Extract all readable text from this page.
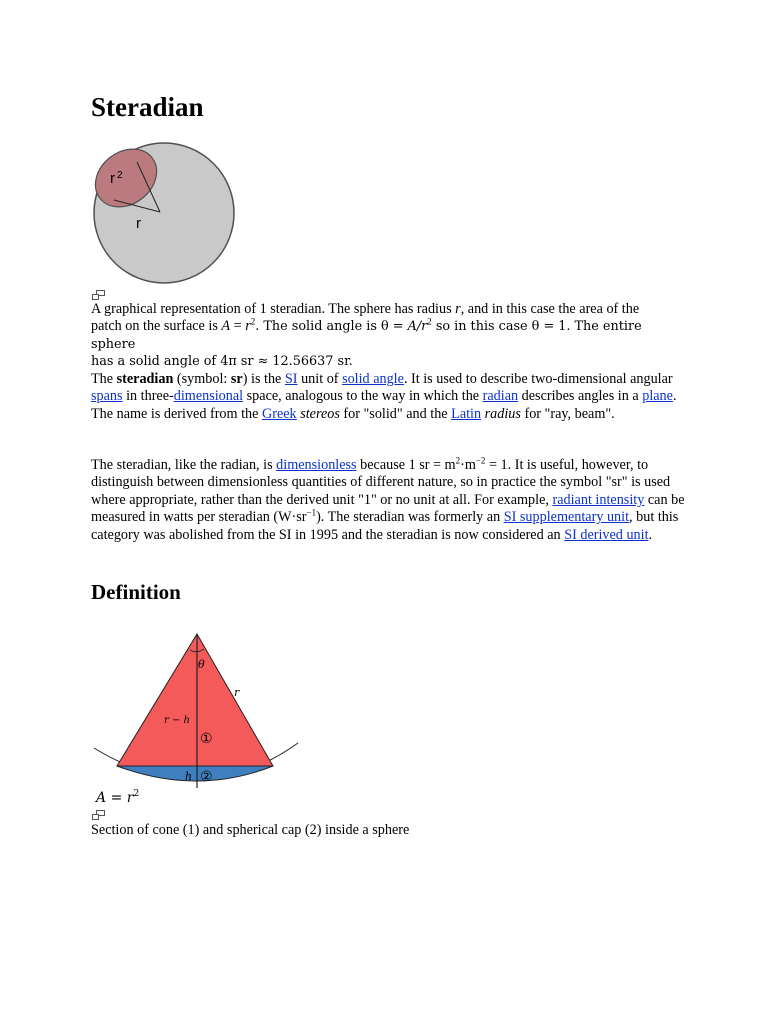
Steradian
r $^2$
r
A graphical representation of 1 steradian. The sphere has radius r, and in this case the area of the
patch on the surface is $A = r^2$. The solid angle is $\theta = A/r^2$ so in this case θ = 1. The entire sphere
has a solid angle of 4π sr ≈ 12.56637 sr.
The steradian (symbol: sr) is the SI unit of solid angle. It is used to describe two-dimensional angular spans in three-dimensional space, analogous to the way in which the radian describes angles in a plane. The name is derived from the Greek stereos for "solid" and the Latin radius for "ray, beam".
The steradian, like the radian, is dimensionless because 1 sr = $m^2\cdot m^{-2} = 1$. It is useful, however, to distinguish between dimensionless quantities of different nature, so in practice the symbol "sr" is used where appropriate, rather than the derived unit "1" or no unit at all. For example, radiant intensity can be measured in watts per steradian $(W\cdot sr^{-1})$. The steradian was formerly an SI supplementary unit, but this category was abolished from the SI in 1995 and the steradian is now considered an SI derived unit.
Definition
θ
r
r − h
①
h ②
$A = r^2$
Section of cone (1) and spherical cap (2) inside a sphere
